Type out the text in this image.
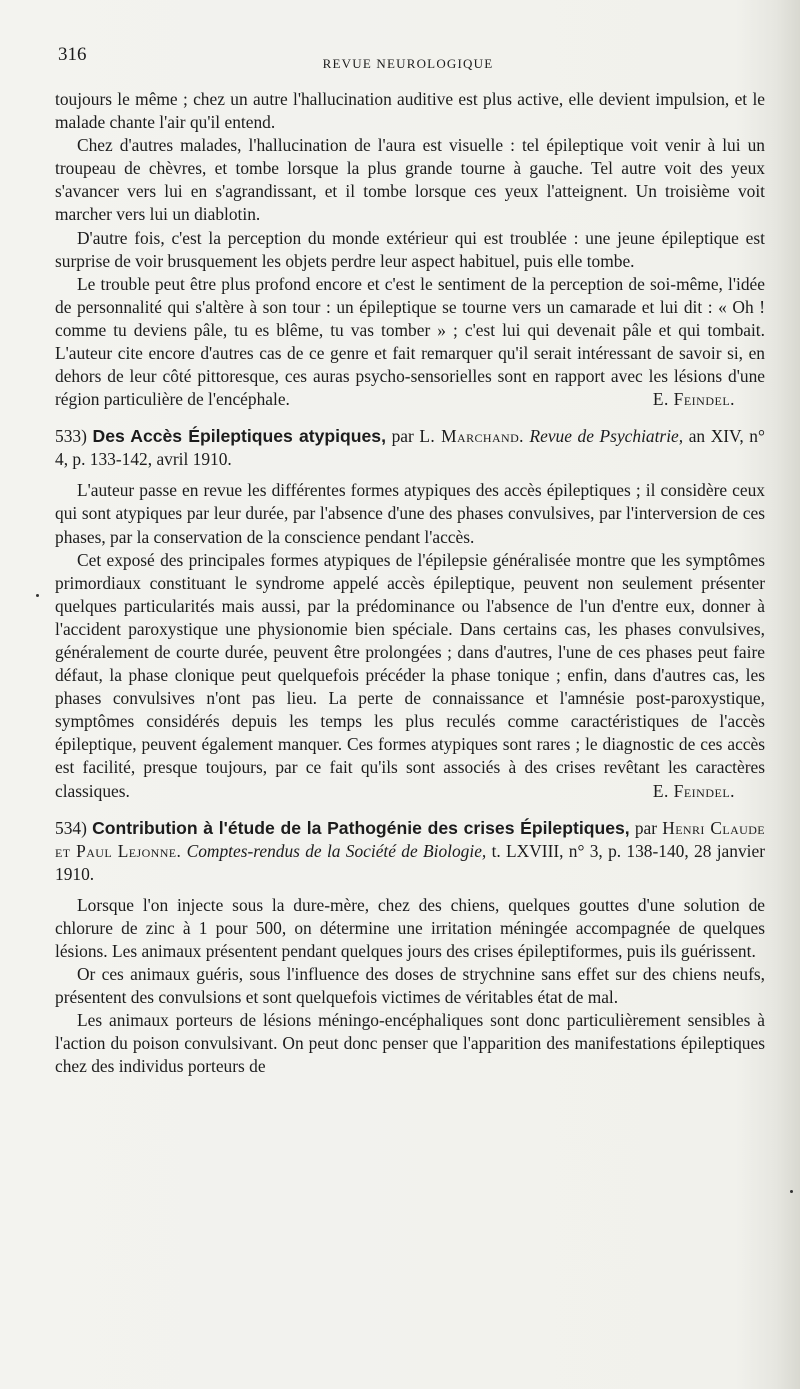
316	REVUE NEUROLOGIQUE

toujours le même ; chez un autre l'hallucination auditive est plus active, elle devient impulsion, et le malade chante l'air qu'il entend.

Chez d'autres malades, l'hallucination de l'aura est visuelle : tel épileptique voit venir à lui un troupeau de chèvres, et tombe lorsque la plus grande tourne à gauche. Tel autre voit des yeux s'avancer vers lui en s'agrandissant, et il tombe lorsque ces yeux l'atteignent. Un troisième voit marcher vers lui un diablotin.

D'autre fois, c'est la perception du monde extérieur qui est troublée : une jeune épileptique est surprise de voir brusquement les objets perdre leur aspect habituel, puis elle tombe.

Le trouble peut être plus profond encore et c'est le sentiment de la perception de soi-même, l'idée de personnalité qui s'altère à son tour : un épileptique se tourne vers un camarade et lui dit : « Oh ! comme tu deviens pâle, tu es blême, tu vas tomber » ; c'est lui qui devenait pâle et qui tombait. L'auteur cite encore d'autres cas de ce genre et fait remarquer qu'il serait intéressant de savoir si, en dehors de leur côté pittoresque, ces auras psycho-sensorielles sont en rapport avec les lésions d'une région particulière de l'encéphale.	E. Feindel.

533) Des Accès Épileptiques atypiques, par L. Marchand. Revue de Psychiatrie, an XIV, n° 4, p. 133-142, avril 1910.

L'auteur passe en revue les différentes formes atypiques des accès épileptiques ; il considère ceux qui sont atypiques par leur durée, par l'absence d'une des phases convulsives, par l'interversion de ces phases, par la conservation de la conscience pendant l'accès.

Cet exposé des principales formes atypiques de l'épilepsie généralisée montre que les symptômes primordiaux constituant le syndrome appelé accès épileptique, peuvent non seulement présenter quelques particularités mais aussi, par la prédominance ou l'absence de l'un d'entre eux, donner à l'accident paroxystique une physionomie bien spéciale. Dans certains cas, les phases convulsives, généralement de courte durée, peuvent être prolongées ; dans d'autres, l'une de ces phases peut faire défaut, la phase clonique peut quelquefois précéder la phase tonique ; enfin, dans d'autres cas, les phases convulsives n'ont pas lieu. La perte de connaissance et l'amnésie post-paroxystique, symptômes considérés depuis les temps les plus reculés comme caractéristiques de l'accès épileptique, peuvent également manquer. Ces formes atypiques sont rares ; le diagnostic de ces accès est facilité, presque toujours, par ce fait qu'ils sont associés à des crises revêtant les caractères classiques.	E. Feindel.

534) Contribution à l'étude de la Pathogénie des crises Épileptiques, par Henri Claude et Paul Lejonne. Comptes-rendus de la Société de Biologie, t. LXVIII, n° 3, p. 138-140, 28 janvier 1910.

Lorsque l'on injecte sous la dure-mère, chez des chiens, quelques gouttes d'une solution de chlorure de zinc à 1 pour 500, on détermine une irritation méningée accompagnée de quelques lésions. Les animaux présentent pendant quelques jours des crises épileptiformes, puis ils guérissent.

Or ces animaux guéris, sous l'influence des doses de strychnine sans effet sur des chiens neufs, présentent des convulsions et sont quelquefois victimes de véritables état de mal.

Les animaux porteurs de lésions méningo-encéphaliques sont donc particulièrement sensibles à l'action du poison convulsivant. On peut donc penser que l'apparition des manifestations épileptiques chez des individus porteurs de
